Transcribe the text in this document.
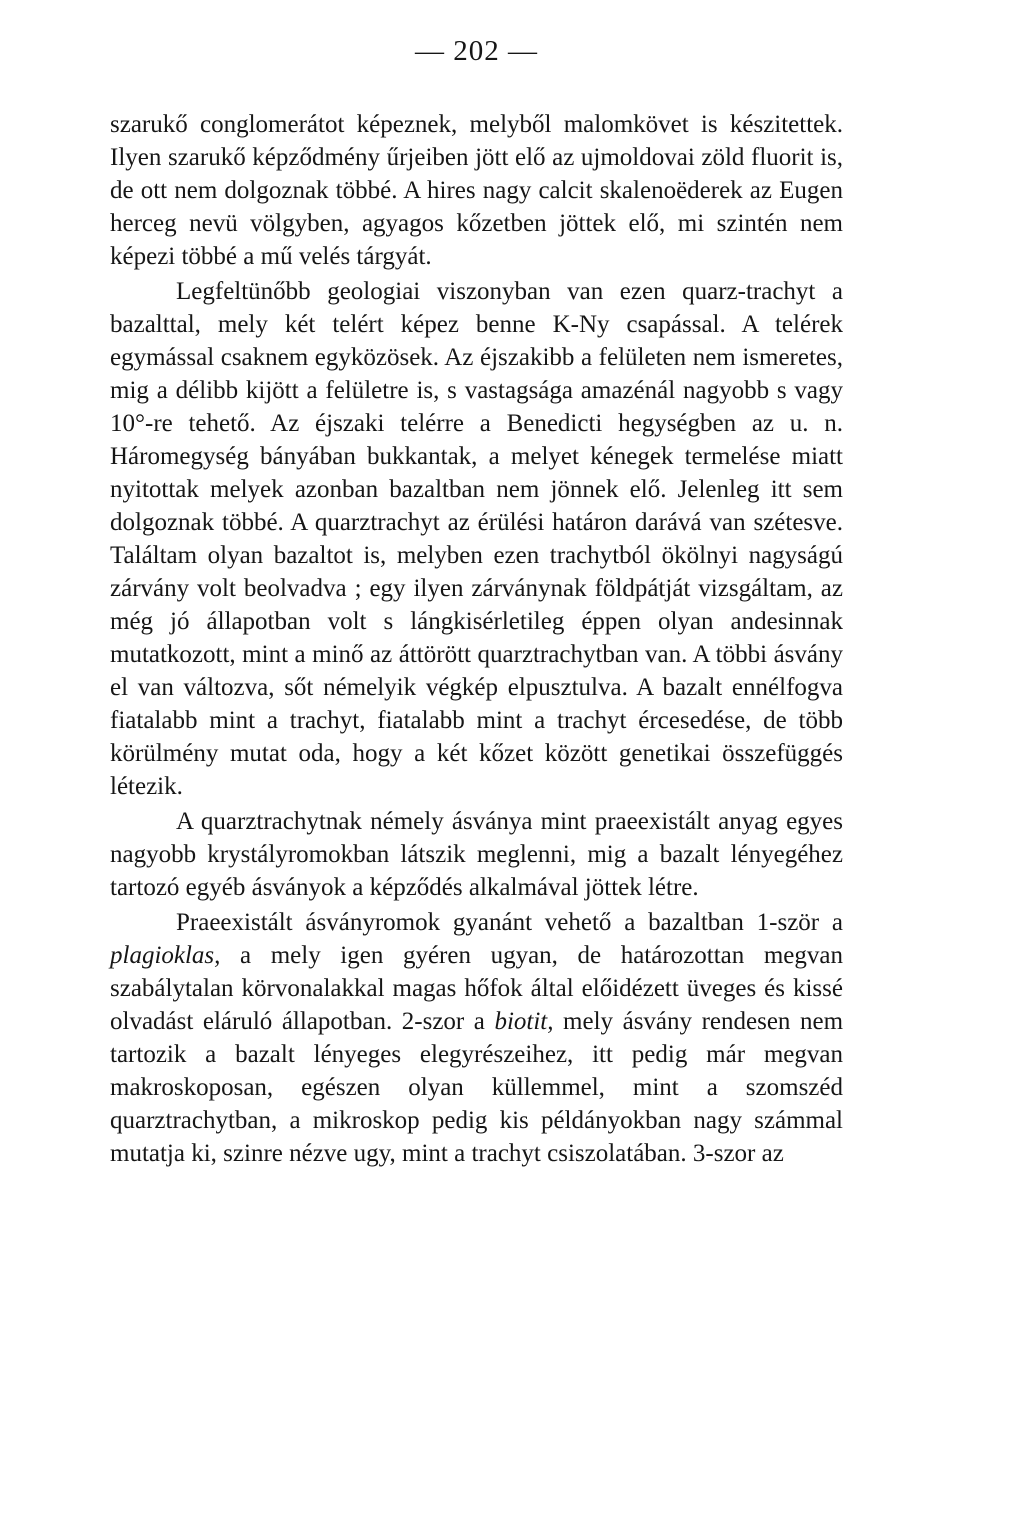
— 202 —

szarukő conglomerátot képeznek, melyből malomkövet is készitettek. Ilyen szarukő képződmény űrjeiben jött elő az ujmoldovai zöld fluorit is, de ott nem dolgoznak többé. A hires nagy calcit skalenoëderek az Eugen herceg nevü völgyben, agyagos kőzetben jöttek elő, mi szintén nem képezi többé a mű velés tárgyát.

Legfeltünőbb geologiai viszonyban van ezen quarz-trachyt a bazalttal, mely két telért képez benne K-Ny csapással. A telérek egymással csaknem egyközösek. Az éjszakibb a felületen nem ismeretes, mig a délibb kijött a felületre is, s vastagsága amazénál nagyobb s vagy 10°-re tehető. Az éjszaki telérre a Benedicti hegységben az u. n. Háromegység bányában bukkantak, a melyet kénegek termelése miatt nyitottak melyek azonban bazaltban nem jönnek elő. Jelenleg itt sem dolgoznak többé. A quarztrachyt az érülési határon darává van szétesve. Találtam olyan bazaltot is, melyben ezen trachytból ökölnyi nagyságú zárvány volt beolvadva ; egy ilyen zárványnak földpátját vizsgáltam, az még jó állapotban volt s lángkisérletileg éppen olyan andesinnak mutatkozott, mint a minő az áttörött quarztrachytban van. A többi ásvány el van változva, sőt némelyik végkép elpusztulva. A bazalt ennélfogva fiatalabb mint a trachyt, fiatalabb mint a trachyt ércesedése, de több körülmény mutat oda, hogy a két kőzet között genetikai összefüggés létezik.

A quarztrachytnak némely ásványa mint praeexistált anyag egyes nagyobb krystályromokban látszik meglenni, mig a bazalt lényegéhez tartozó egyéb ásványok a képződés alkalmával jöttek létre.

Praeexistált ásványromok gyanánt vehető a bazaltban 1-ször a plagioklas, a mely igen gyéren ugyan, de határozottan megvan szabálytalan körvonalakkal magas hőfok által előidézett üveges és kissé olvadást eláruló állapotban. 2-szor a biotit, mely ásvány rendesen nem tartozik a bazalt lényeges elegyrészeihez, itt pedig már megvan makroskoposan, egészen olyan küllemmel, mint a szomszéd quarztrachytban, a mikroskop pedig kis példányokban nagy számmal mutatja ki, szinre nézve ugy, mint a trachyt csiszolatában. 3-szor az
